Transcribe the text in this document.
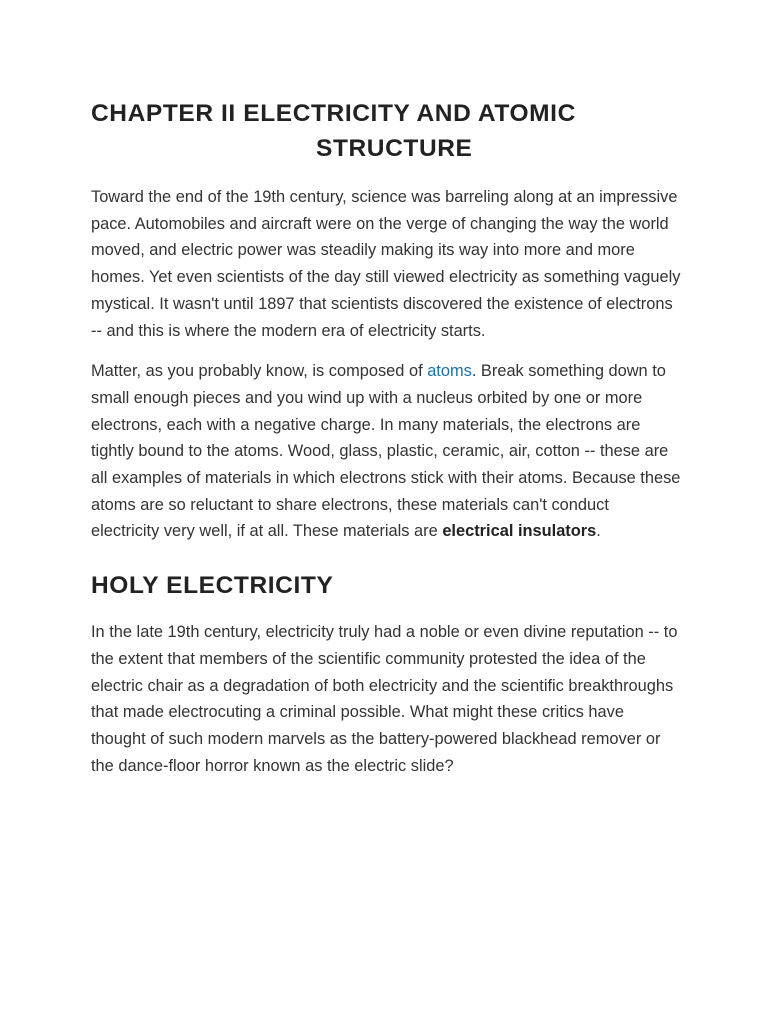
CHAPTER II ELECTRICITY AND ATOMIC
STRUCTURE

Toward the end of the 19th century, science was barreling along at an impressive pace. Automobiles and aircraft were on the verge of changing the way the world moved, and electric power was steadily making its way into more and more homes. Yet even scientists of the day still viewed electricity as something vaguely mystical. It wasn't until 1897 that scientists discovered the existence of electrons -- and this is where the modern era of electricity starts.

Matter, as you probably know, is composed of atoms. Break something down to small enough pieces and you wind up with a nucleus orbited by one or more electrons, each with a negative charge. In many materials, the electrons are tightly bound to the atoms. Wood, glass, plastic, ceramic, air, cotton -- these are all examples of materials in which electrons stick with their atoms. Because these atoms are so reluctant to share electrons, these materials can't conduct electricity very well, if at all. These materials are electrical insulators.

HOLY ELECTRICITY

In the late 19th century, electricity truly had a noble or even divine reputation -- to the extent that members of the scientific community protested the idea of the electric chair as a degradation of both electricity and the scientific breakthroughs that made electrocuting a criminal possible. What might these critics have thought of such modern marvels as the battery-powered blackhead remover or the dance-floor horror known as the electric slide?
